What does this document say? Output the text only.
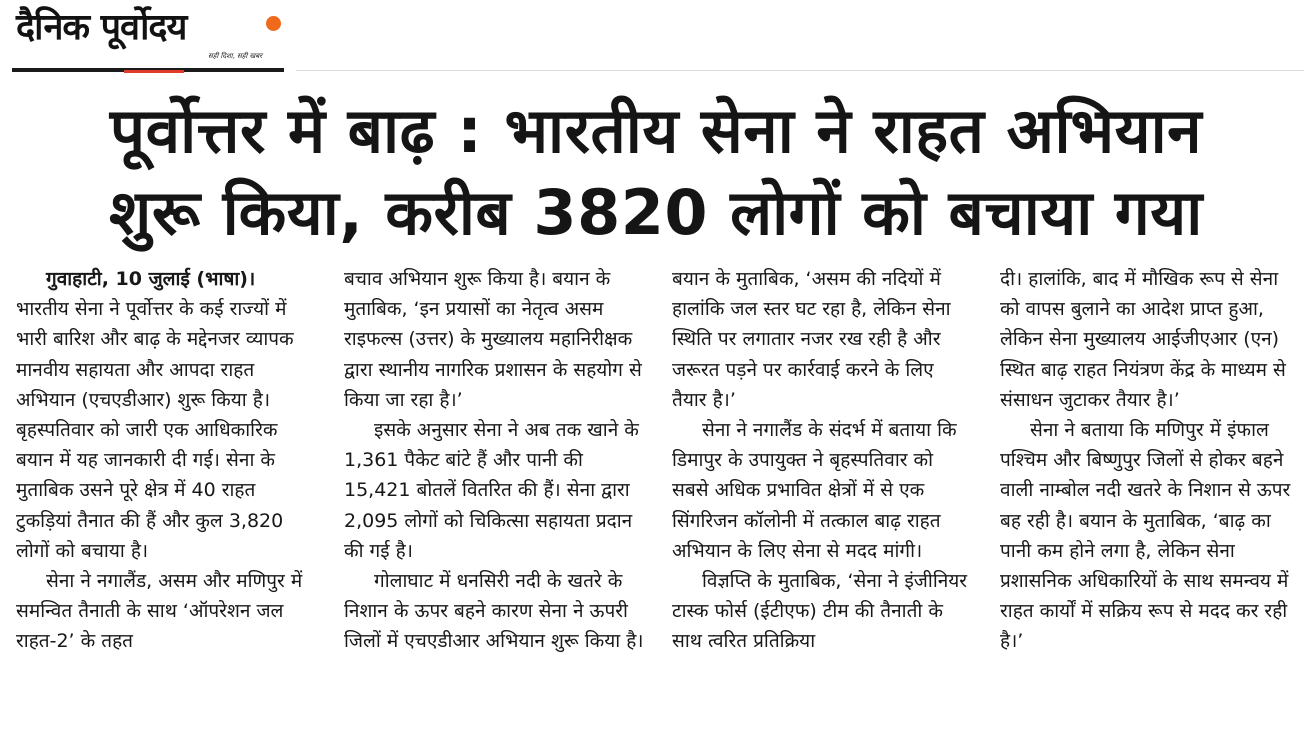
दैनिक पूर्वोदय
सही दिशा, सही खबर
पूर्वोत्तर में बाढ़ : भारतीय सेना ने राहत अभियान
शुरू किया, करीब 3820 लोगों को बचाया गया

गुवाहाटी, 10 जुलाई (भाषा)।

भारतीय सेना ने पूर्वोत्तर के कई राज्यों में भारी बारिश और बाढ़ के मद्देनजर व्यापक मानवीय सहायता और आपदा राहत अभियान (एचएडीआर) शुरू किया है। बृहस्पतिवार को जारी एक आधिकारिक बयान में यह जानकारी दी गई। सेना के मुताबिक उसने पूरे क्षेत्र में 40 राहत टुकड़ियां तैनात की हैं और कुल 3,820 लोगों को बचाया है।

सेना ने नगालैंड, असम और मणिपुर में समन्वित तैनाती के साथ ‘ऑपरेशन जल राहत-2’ के तहत

बचाव अभियान शुरू किया है। बयान के मुताबिक, ‘इन प्रयासों का नेतृत्व असम राइफल्स (उत्तर) के मुख्यालय महानिरीक्षक द्वारा स्थानीय नागरिक प्रशासन के सहयोग से किया जा रहा है।’

इसके अनुसार सेना ने अब तक खाने के 1,361 पैकेट बांटे हैं और पानी की 15,421 बोतलें वितरित की हैं। सेना द्वारा 2,095 लोगों को चिकित्सा सहायता प्रदान की गई है।

गोलाघाट में धनसिरी नदी के खतरे के निशान के ऊपर बहने कारण सेना ने ऊपरी जिलों में एचएडीआर अभियान शुरू किया है।

बयान के मुताबिक, ‘असम की नदियों में हालांकि जल स्तर घट रहा है, लेकिन सेना स्थिति पर लगातार नजर रख रही है और जरूरत पड़ने पर कार्रवाई करने के लिए तैयार है।’

सेना ने नगालैंड के संदर्भ में बताया कि डिमापुर के उपायुक्त ने बृहस्पतिवार को सबसे अधिक प्रभावित क्षेत्रों में से एक सिंगरिजन कॉलोनी में तत्काल बाढ़ राहत अभियान के लिए सेना से मदद मांगी।

विज्ञप्ति के मुताबिक, ‘सेना ने इंजीनियर टास्क फोर्स (ईटीएफ) टीम की तैनाती के साथ त्वरित प्रतिक्रिया

दी। हालांकि, बाद में मौखिक रूप से सेना को वापस बुलाने का आदेश प्राप्त हुआ, लेकिन सेना मुख्यालय आईजीएआर (एन) स्थित बाढ़ राहत नियंत्रण केंद्र के माध्यम से संसाधन जुटाकर तैयार है।’

सेना ने बताया कि मणिपुर में इंफाल पश्चिम और बिष्णुपुर जिलों से होकर बहने वाली नाम्बोल नदी खतरे के निशान से ऊपर बह रही है। बयान के मुताबिक, ‘बाढ़ का पानी कम होने लगा है, लेकिन सेना प्रशासनिक अधिकारियों के साथ समन्वय में राहत कार्यों में सक्रिय रूप से मदद कर रही है।’
